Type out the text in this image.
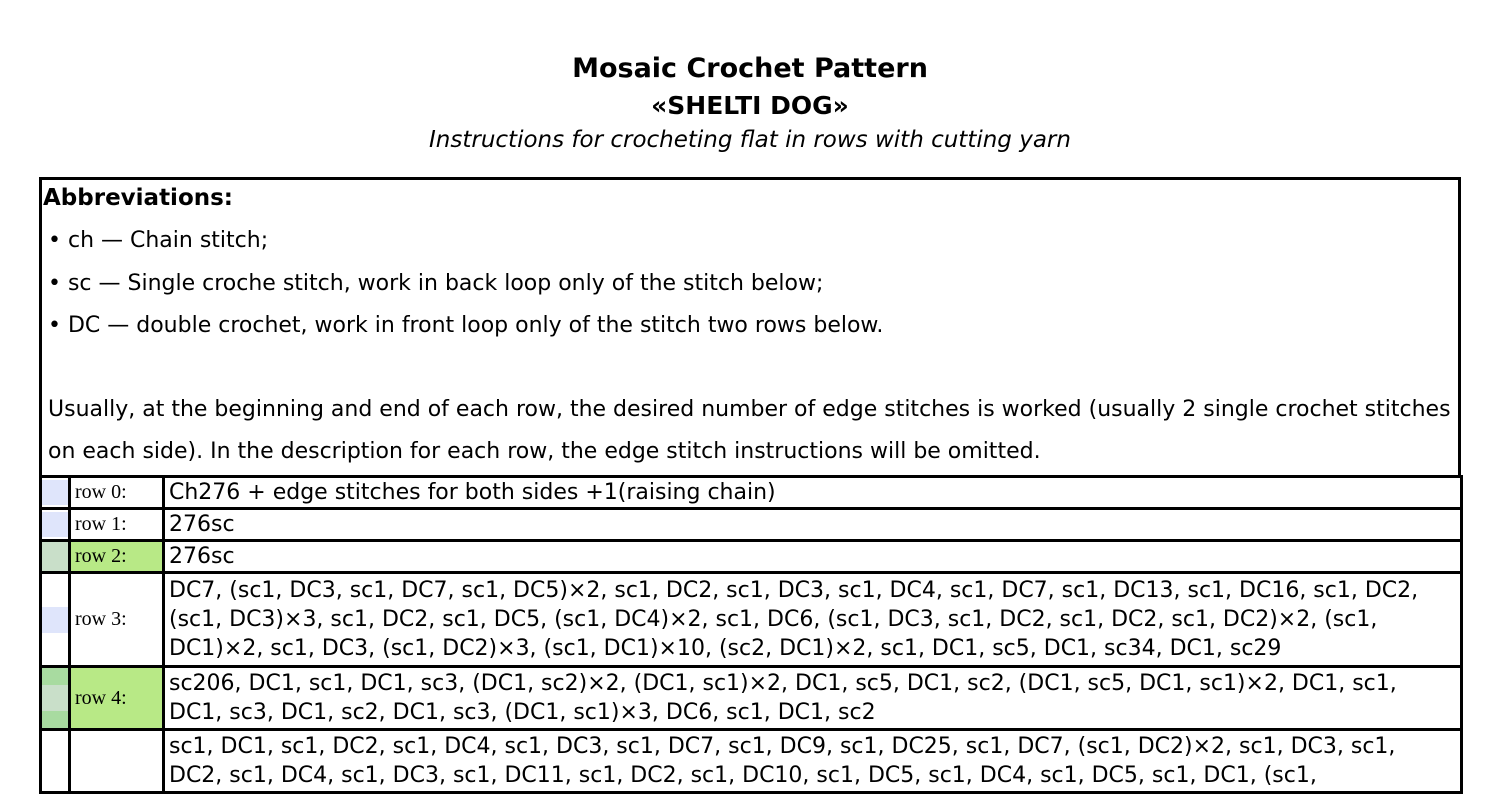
Mosaic Crochet Pattern
«SHELTI DOG»
Instructions for crocheting flat in rows with cutting yarn
Abbreviations:
• ch — Chain stitch;
• sc — Single croche stitch, work in back loop only of the stitch below;
• DC — double crochet, work in front loop only of the stitch two rows below.
Usually, at the beginning and end of each row, the desired number of edge stitches is worked (usually 2 single crochet stitches on each side). In the description for each row, the edge stitch instructions will be omitted.
	row 0:	Ch276 + edge stitches for both sides +1(raising chain)

	row 1:	276sc
	row 2:	276sc

	row 3:	DC7, (sc1, DC3, sc1, DC7, sc1, DC5)×2, sc1, DC2, sc1, DC3, sc1, DC4, sc1, DC7, sc1, DC13, sc1, DC16, sc1, DC2, (sc1, DC3)×3, sc1, DC2, sc1, DC5, (sc1, DC4)×2, sc1, DC6, (sc1, DC3, sc1, DC2, sc1, DC2, sc1, DC2)×2, (sc1, DC1)×2, sc1, DC3, (sc1, DC2)×3, (sc1, DC1)×10, (sc2, DC1)×2, sc1, DC1, sc5, DC1, sc34, DC1, sc29

	row 4:	sc206, DC1, sc1, DC1, sc3, (DC1, sc2)×2, (DC1, sc1)×2, DC1, sc5, DC1, sc2, (DC1, sc5, DC1, sc1)×2, DC1, sc1, DC1, sc3, DC1, sc2, DC1, sc3, (DC1, sc1)×3, DC6, sc1, DC1, sc2
		sc1, DC1, sc1, DC2, sc1, DC4, sc1, DC3, sc1, DC7, sc1, DC9, sc1, DC25, sc1, DC7, (sc1, DC2)×2, sc1, DC3, sc1, DC2, sc1, DC4, sc1, DC3, sc1, DC11, sc1, DC2, sc1, DC10, sc1, DC5, sc1, DC4, sc1, DC5, sc1, DC1, (sc1,
